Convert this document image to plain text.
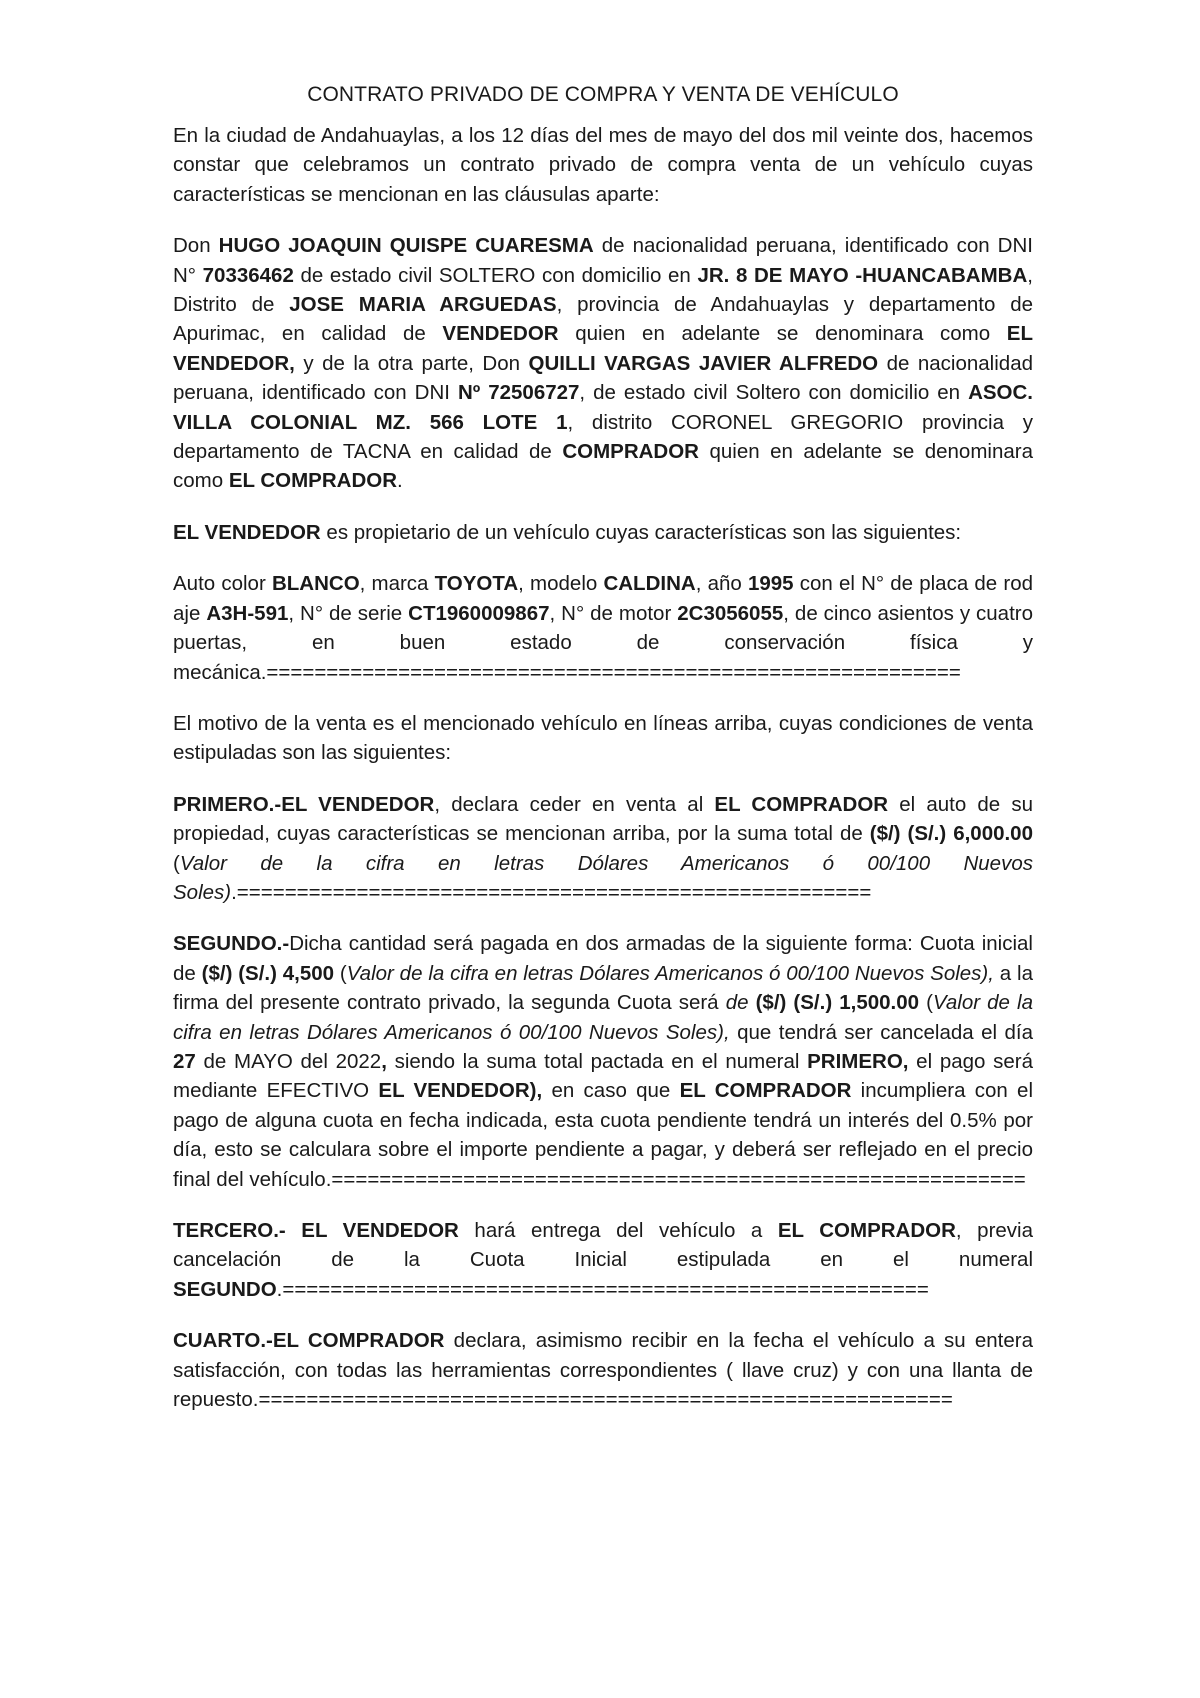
CONTRATO PRIVADO DE COMPRA Y VENTA DE VEHÍCULO

En la ciudad de Andahuaylas, a los 12 días del mes de mayo del dos mil veinte dos, hacemos constar que celebramos un contrato privado de compra venta de un vehículo cuyas características se mencionan en las cláusulas aparte:

Don HUGO JOAQUIN QUISPE CUARESMA de nacionalidad peruana, identificado con DNI N° 70336462 de estado civil SOLTERO con domicilio en JR. 8 DE MAYO -HUANCABAMBA, Distrito de JOSE MARIA ARGUEDAS, provincia de Andahuaylas y departamento de Apurimac, en calidad de VENDEDOR quien en adelante se denominara como EL VENDEDOR, y de la otra parte, Don QUILLI VARGAS JAVIER ALFREDO de nacionalidad peruana, identificado con DNI Nº 72506727, de estado civil Soltero con domicilio en ASOC. VILLA COLONIAL MZ. 566 LOTE 1, distrito CORONEL GREGORIO provincia y departamento de TACNA en calidad de COMPRADOR quien en adelante se denominara como EL COMPRADOR.

EL VENDEDOR es propietario de un vehículo cuyas características son las siguientes:

Auto color BLANCO, marca TOYOTA, modelo CALDINA, año 1995 con el N° de placa de rodaje A3H-591, N° de serie CT1960009867, N° de motor 2C3056055, de cinco asientos y cuatro puertas, en buen estado de conservación física y mecánica.==========================================================

El motivo de la venta es el mencionado vehículo en líneas arriba, cuyas condiciones de venta estipuladas son las siguientes:

PRIMERO.-EL VENDEDOR, declara ceder en venta al EL COMPRADOR el auto de su propiedad, cuyas características se mencionan arriba, por la suma total de ($/) (S/.) 6,000.00 (Valor de la cifra en letras Dólares Americanos ó 00/100 Nuevos Soles).=====================================================

SEGUNDO.-Dicha cantidad será pagada en dos armadas de la siguiente forma: Cuota inicial de ($/) (S/.) 4,500 (Valor de la cifra en letras Dólares Americanos ó 00/100 Nuevos Soles), a la firma del presente contrato privado, la segunda Cuota será de ($/) (S/.) 1,500.00 (Valor de la cifra en letras Dólares Americanos ó 00/100 Nuevos Soles), que tendrá ser cancelada el día 27 de MAYO del 2022, siendo la suma total pactada en el numeral PRIMERO, el pago será mediante EFECTIVO EL VENDEDOR), en caso que EL COMPRADOR incumpliera con el pago de alguna cuota en fecha indicada, esta cuota pendiente tendrá un interés del 0.5% por día, esto se calculara sobre el importe pendiente a pagar, y deberá ser reflejado en el precio final del vehículo.==========================================================

TERCERO.- EL VENDEDOR hará entrega del vehículo a EL COMPRADOR, previa cancelación de la Cuota Inicial estipulada en el numeral SEGUNDO.======================================================

CUARTO.-EL COMPRADOR declara, asimismo recibir en la fecha el vehículo a su entera satisfacción, con todas las herramientas correspondientes ( llave cruz) y con una llanta de repuesto.==========================================================
